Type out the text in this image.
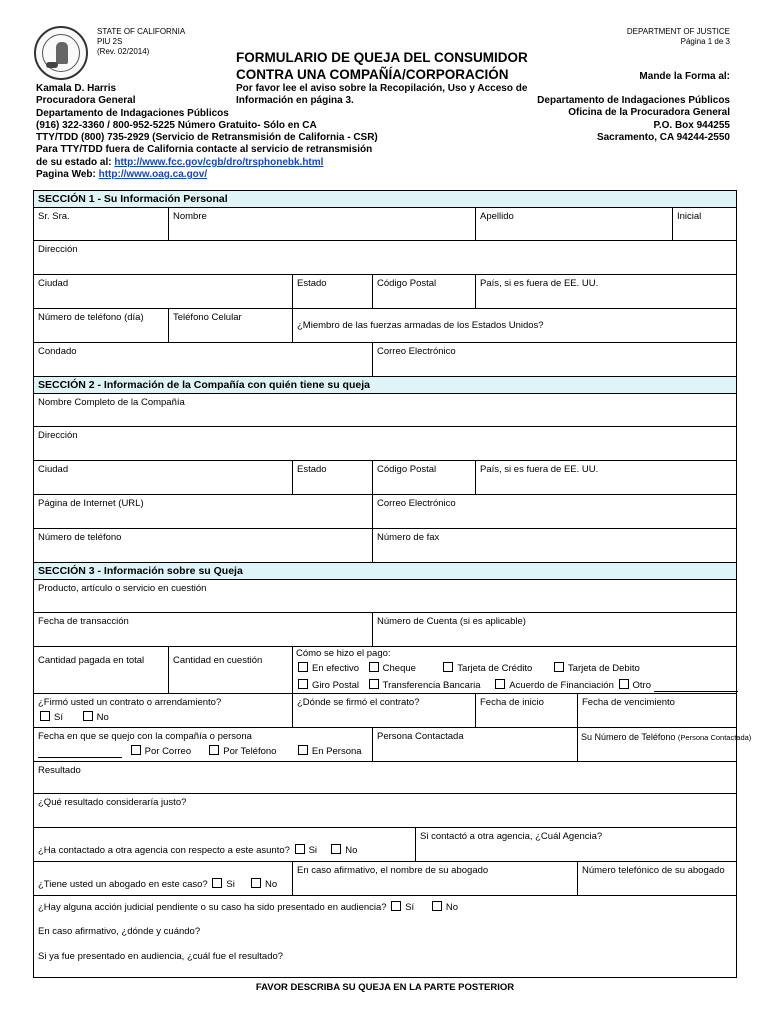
STATE OF CALIFORNIA
PIU 2S
(Rev. 02/2014)
DEPARTMENT OF JUSTICE
Página 1 de 3
FORMULARIO DE QUEJA DEL CONSUMIDOR
CONTRA UNA COMPAÑÍA/CORPORACIÓN
Por favor lee el aviso sobre la Recopilación, Uso y Acceso de
Información en página 3.
Mande la Forma al:
Kamala D. Harris
Procuradora General
Departamento de Indagaciones Públicos
(916) 322-3360 / 800-952-5225 Número Gratuito- Sólo en CA
TTY/TDD (800) 735-2929 (Servicio de Retransmisión de California - CSR)
Para TTY/TDD fuera de California contacte al servicio de retransmisión
de su estado al: http://www.fcc.gov/cgb/dro/trsphonebk.html
Pagina Web: http://www.oag.ca.gov/
Departamento de Indagaciones Públicos
Oficina de la Procuradora General
P.O. Box 944255
Sacramento, CA 94244-2550
SECCIÓN 1 - Su Información Personal							
Sr. Sra.	Nombre				Apellido		Inicial
Dirección							
Ciudad		Estado	Código Postal		País, si es fuera de EE. UU.		
Número de teléfono (día)	Teléfono Celular	¿Miembro de las fuerzas armadas de los Estados Unidos?					
Condado			Correo Electrónico				
SECCIÓN 2 - Información de la Compañía con quién tiene su queja							
Nombre Completo de la Compañía							
Dirección							
Ciudad		Estado	Código Postal		País, si es fuera de EE. UU.		
Página de Internet (URL)			Correo Electrónico				
Número de teléfono			Número de fax				
SECCIÓN 3 - Información sobre su Queja							
Producto, artículo o servicio en cuestión							
Fecha de transacción			Número de Cuenta (si es aplicable)				
Cantidad pagada en total	Cantidad en cuestión	Cómo se hizo el pago:
En efectivo Cheque Tarjeta de Crédito Tarjeta de Debito
Giro Postal Transferencia Bancaria Acuerdo de Financiación Otro					

¿Firmó usted un contrato o arrendamiento?
Sí No		¿Dónde se firmó el contrato?			Fecha de inicio	Fecha de vencimiento	

Fecha en que se quejo con la compañía o persona
Por Correo Por Teléfono En Persona			Persona Contactada			Su Número de Teléfono (Persona Contactada)	
Resultado							
¿Qué resultado consideraría justo?							
¿Ha contactado a otra agencia con respecto a este asunto? Si No				Si contactó a otra agencia, ¿Cuál Agencia?			
¿Tiene usted un abogado en este caso? Si No		En caso afirmativo, el nombre de su abogado				Número telefónico de su abogado	

¿Hay alguna acción judicial pendiente o su caso ha sido presentado en audiencia? Sí No
En caso afirmativo, ¿dónde y cuándo?
Si ya fue presentado en audiencia, ¿cuál fue el resultado?							
FAVOR DESCRIBA SU QUEJA EN LA PARTE POSTERIOR
